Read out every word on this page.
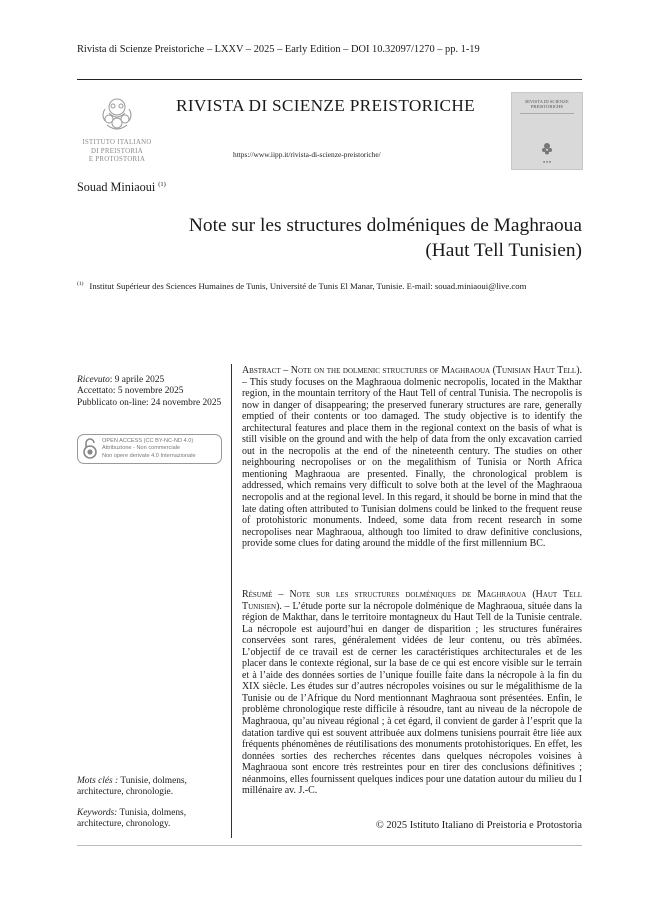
Rivista di Scienze Preistoriche – LXXV – 2025 – Early Edition – DOI 10.32097/1270 – pp. 1-19
ISTITUTO ITALIANO
DI PREISTORIA
E PROTOSTORIA
RIVISTA DI SCIENZE PREISTORICHE
https://www.iipp.it/rivista-di-scienze-preistoriche/
RIVISTA DI SCIENZE PREISTORICHE
■ ■ ■
Souad Miniaoui $^{(1)}$
Note sur les structures dolméniques de Maghraoua
(Haut Tell Tunisien)
$^{(1)}$ Institut Supérieur des Sciences Humaines de Tunis, Université de Tunis El Manar, Tunisie. E-mail: souad.miniaoui@live.com
Ricevuto: 9 aprile 2025
Accettato: 5 novembre 2025
Pubblicato on-line: 24 novembre 2025
OPEN ACCESS (CC BY-NC-ND 4.0)
Attribuzione - Non commerciale
Non opere derivate 4.0 Internazionale
Mots clés : Tunisie, dolmens, architecture, chronologie.
Keywords: Tunisia, dolmens, architecture, chronology.
Abstract – Note on the dolmenic structures of Maghraoua (Tunisian Haut Tell). – This study focuses on the Maghraoua dolmenic necropolis, located in the Makthar region, in the mountain territory of the Haut Tell of central Tunisia. The necropolis is now in danger of disappearing; the preserved funerary structures are rare, generally emptied of their contents or too damaged. The study objective is to identify the architectural features and place them in the regional context on the basis of what is still visible on the ground and with the help of data from the only excavation carried out in the necropolis at the end of the nineteenth century. The studies on other neighbouring necropolises or on the megalithism of Tunisia or North Africa mentioning Maghraoua are presented. Finally, the chronological problem is addressed, which remains very difficult to solve both at the level of the Maghraoua necropolis and at the regional level. In this regard, it should be borne in mind that the late dating often attributed to Tunisian dolmens could be linked to the frequent reuse of protohistoric monuments. Indeed, some data from recent research in some necropolises near Maghraoua, although too limited to draw definitive conclusions, provide some clues for dating around the middle of the first millennium BC.
Résumé – Note sur les structures dolméniques de Maghraoua (Haut Tell Tunisien). – L’étude porte sur la nécropole dolménique de Maghraoua, située dans la région de Makthar, dans le territoire montagneux du Haut Tell de la Tunisie centrale. La nécropole est aujourd’hui en danger de disparition ; les structures funéraires conservées sont rares, généralement vidées de leur contenu, ou très abîmées. L’objectif de ce travail est de cerner les caractéristiques architecturales et de les placer dans le contexte régional, sur la base de ce qui est encore visible sur le terrain et à l’aide des données sorties de l’unique fouille faite dans la nécropole à la fin du XIX siècle. Les études sur d’autres nécropoles voisines ou sur le mégalithisme de la Tunisie ou de l’Afrique du Nord mentionnant Maghraoua sont présentées. Enfin, le problème chronologique reste difficile à résoudre, tant au niveau de la nécropole de Maghraoua, qu’au niveau régional ; à cet égard, il convient de garder à l’esprit que la datation tardive qui est souvent attribuée aux dolmens tunisiens pourrait être liée aux fréquents phénomènes de réutilisations des monuments protohistoriques. En effet, les données sorties des recherches récentes dans quelques nécropoles voisines à Maghraoua sont encore très restreintes pour en tirer des conclusions définitives ; néanmoins, elles fournissent quelques indices pour une datation autour du milieu du I millénaire av. J.-C.
© 2025 Istituto Italiano di Preistoria e Protostoria
